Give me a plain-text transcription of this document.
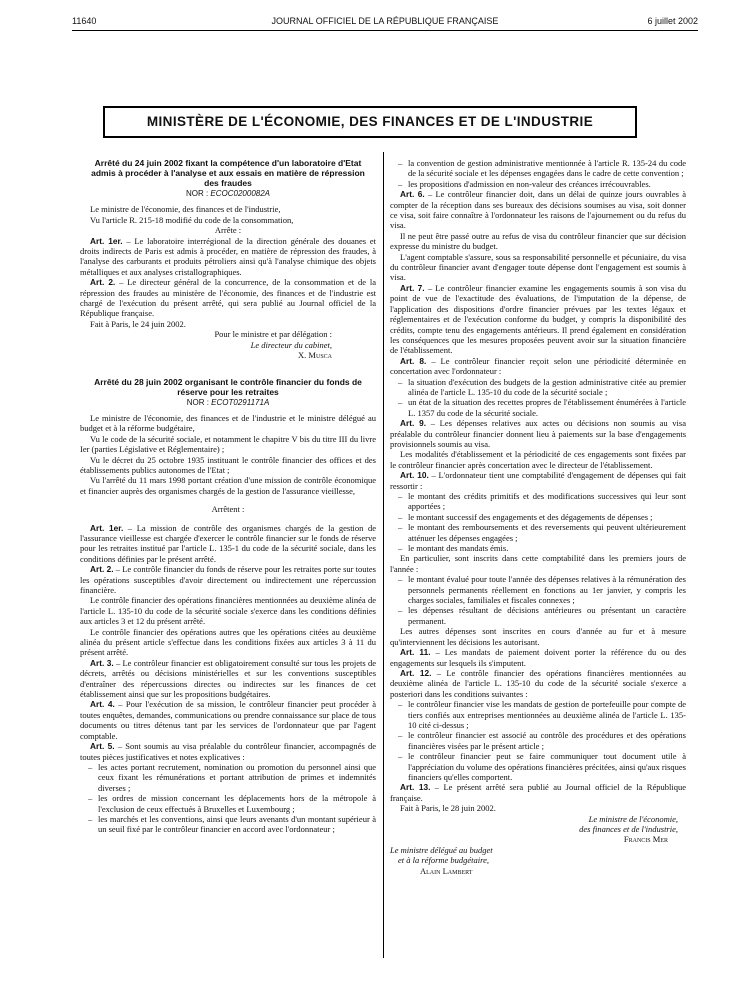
11640	JOURNAL OFFICIEL DE LA RÉPUBLIQUE FRANÇAISE	6 juillet 2002
MINISTÈRE DE L'ÉCONOMIE, DES FINANCES ET DE L'INDUSTRIE

Arrêté du 24 juin 2002 fixant la compétence d'un laboratoire d'Etat admis à procéder à l'analyse et aux essais en matière de répression des fraudes

NOR : ECOC0200082A

Le ministre de l'économie, des finances et de l'industrie,

Vu l'article R. 215-18 modifié du code de la consommation,

Arrête :

Art. 1er. – Le laboratoire interrégional de la direction générale des douanes et droits indirects de Paris est admis à procéder, en matière de répression des fraudes, à l'analyse des carburants et produits pétroliers ainsi qu'à l'analyse chimique des objets métalliques et aux analyses cristallographiques.

Art. 2. – Le directeur général de la concurrence, de la consommation et de la répression des fraudes au ministère de l'économie, des finances et de l'industrie est chargé de l'exécution du présent arrêté, qui sera publié au Journal officiel de la République française.

Fait à Paris, le 24 juin 2002.

Pour le ministre et par délégation :

Le directeur du cabinet,

X. Musca

Arrêté du 28 juin 2002 organisant le contrôle financier du fonds de réserve pour les retraites

NOR : ECOT0291171A

Le ministre de l'économie, des finances et de l'industrie et le ministre délégué au budget et à la réforme budgétaire,

Vu le code de la sécurité sociale, et notamment le chapitre V bis du titre III du livre Ier (parties Législative et Réglementaire) ;

Vu le décret du 25 octobre 1935 instituant le contrôle financier des offices et des établissements publics autonomes de l'Etat ;

Vu l'arrêté du 11 mars 1998 portant création d'une mission de contrôle économique et financier auprès des organismes chargés de la gestion de l'assurance vieillesse,

Arrêtent :

Art. 1er. – La mission de contrôle des organismes chargés de la gestion de l'assurance vieillesse est chargée d'exercer le contrôle financier sur le fonds de réserve pour les retraites institué par l'article L. 135-1 du code de la sécurité sociale, dans les conditions définies par le présent arrêté.

Art. 2. – Le contrôle financier du fonds de réserve pour les retraites porte sur toutes les opérations susceptibles d'avoir directement ou indirectement une répercussion financière.

Le contrôle financier des opérations financières mentionnées au deuxième alinéa de l'article L. 135-10 du code de la sécurité sociale s'exerce dans les conditions définies aux articles 3 et 12 du présent arrêté.

Le contrôle financier des opérations autres que les opérations citées au deuxième alinéa du présent article s'effectue dans les conditions fixées aux articles 3 à 11 du présent arrêté.

Art. 3. – Le contrôleur financier est obligatoirement consulté sur tous les projets de décrets, arrêtés ou décisions ministérielles et sur les conventions susceptibles d'entraîner des répercussions directes ou indirectes sur les finances de cet établissement ainsi que sur les propositions budgétaires.

Art. 4. – Pour l'exécution de sa mission, le contrôleur financier peut procéder à toutes enquêtes, demandes, communications ou prendre connaissance sur place de tous documents ou titres détenus tant par les services de l'ordonnateur que par l'agent comptable.

Art. 5. – Sont soumis au visa préalable du contrôleur financier, accompagnés de toutes pièces justificatives et notes explicatives :

– les actes portant recrutement, nomination ou promotion du personnel ainsi que ceux fixant les rémunérations et portant attribution de primes et indemnités diverses ;
– les ordres de mission concernant les déplacements hors de la métropole à l'exclusion de ceux effectués à Bruxelles et Luxembourg ;
– les marchés et les conventions, ainsi que leurs avenants d'un montant supérieur à un seuil fixé par le contrôleur financier en accord avec l'ordonnateur ;
– la convention de gestion administrative mentionnée à l'article R. 135-24 du code de la sécurité sociale et les dépenses engagées dans le cadre de cette convention ;
– les propositions d'admission en non-valeur des créances irrécouvrables.

Art. 6. – Le contrôleur financier doit, dans un délai de quinze jours ouvrables à compter de la réception dans ses bureaux des décisions soumises au visa, soit donner ce visa, soit faire connaître à l'ordonnateur les raisons de l'ajournement ou du refus du visa.

Il ne peut être passé outre au refus de visa du contrôleur financier que sur décision expresse du ministre du budget.

L'agent comptable s'assure, sous sa responsabilité personnelle et pécuniaire, du visa du contrôleur financier avant d'engager toute dépense dont l'engagement est soumis à visa.

Art. 7. – Le contrôleur financier examine les engagements soumis à son visa du point de vue de l'exactitude des évaluations, de l'imputation de la dépense, de l'application des dispositions d'ordre financier prévues par les textes légaux et réglementaires et de l'exécution conforme du budget, y compris la disponibilité des crédits, compte tenu des engagements antérieurs. Il prend également en considération les conséquences que les mesures proposées peuvent avoir sur la situation financière de l'établissement.

Art. 8. – Le contrôleur financier reçoit selon une périodicité déterminée en concertation avec l'ordonnateur :

– la situation d'exécution des budgets de la gestion administrative citée au premier alinéa de l'article L. 135-10 du code de la sécurité sociale ;
– un état de la situation des recettes propres de l'établissement énumérées à l'article L. 1357 du code de la sécurité sociale.

Art. 9. – Les dépenses relatives aux actes ou décisions non soumis au visa préalable du contrôleur financier donnent lieu à paiements sur la base d'engagements provisionnels soumis au visa.

Les modalités d'établissement et la périodicité de ces engagements sont fixées par le contrôleur financier après concertation avec le directeur de l'établissement.

Art. 10. – L'ordonnateur tient une comptabilité d'engagement de dépenses qui fait ressortir :

– le montant des crédits primitifs et des modifications successives qui leur sont apportées ;
– le montant successif des engagements et des dégagements de dépenses ;
– le montant des remboursements et des reversements qui peuvent ultérieurement atténuer les dépenses engagées ;
– le montant des mandats émis.

En particulier, sont inscrits dans cette comptabilité dans les premiers jours de l'année :

– le montant évalué pour toute l'année des dépenses relatives à la rémunération des personnels permanents réellement en fonctions au 1er janvier, y compris les charges sociales, familiales et fiscales connexes ;
– les dépenses résultant de décisions antérieures ou présentant un caractère permanent.

Les autres dépenses sont inscrites en cours d'année au fur et à mesure qu'interviennent les décisions les autorisant.

Art. 11. – Les mandats de paiement doivent porter la référence du ou des engagements sur lesquels ils s'imputent.

Art. 12. – Le contrôle financier des opérations financières mentionnées au deuxième alinéa de l'article L. 135-10 du code de la sécurité sociale s'exerce a posteriori dans les conditions suivantes :

– le contrôleur financier vise les mandats de gestion de portefeuille pour compte de tiers confiés aux entreprises mentionnées au deuxième alinéa de l'article L. 135-10 cité ci-dessus ;
– le contrôleur financier est associé au contrôle des procédures et des opérations financières visées par le présent article ;
– le contrôleur financier peut se faire communiquer tout document utile à l'appréciation du volume des opérations financières précitées, ainsi qu'aux risques financiers qu'elles comportent.

Art. 13. – Le présent arrêté sera publié au Journal officiel de la République française.

Fait à Paris, le 28 juin 2002.

Le ministre de l'économie,

des finances et de l'industrie,

Francis Mer

Le ministre délégué au budget

et à la réforme budgétaire,

Alain Lambert
